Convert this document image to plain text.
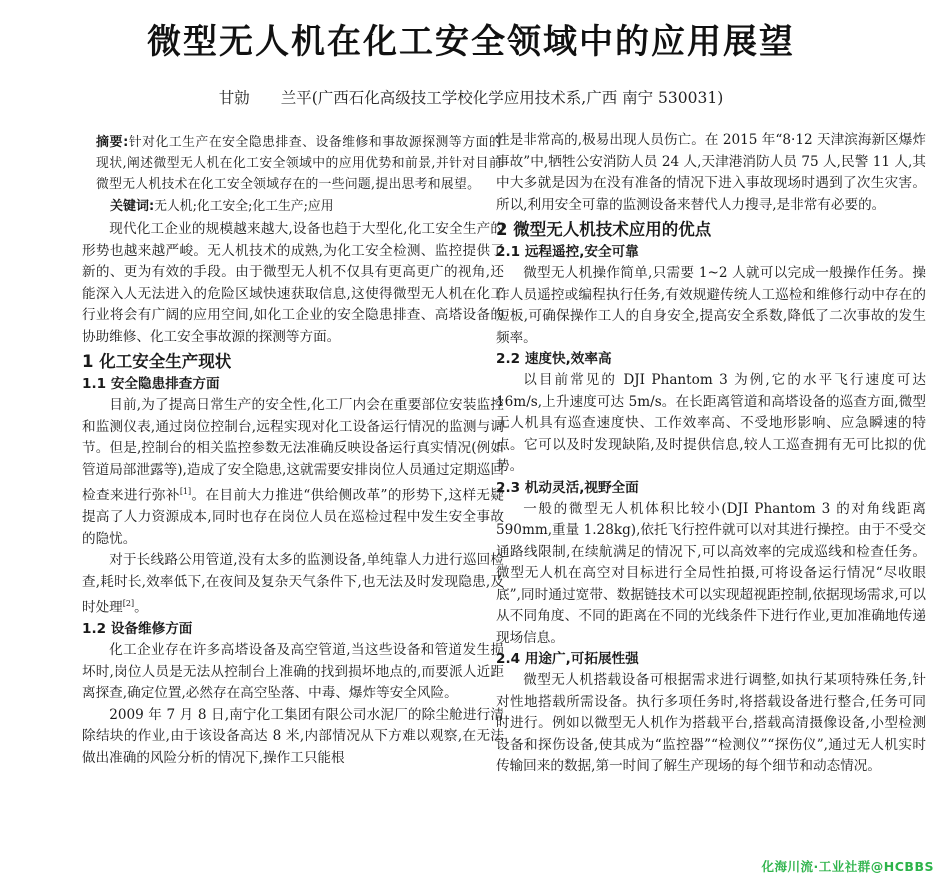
微型无人机在化工安全领域中的应用展望
甘勍　　兰平(广西石化高级技工学校化学应用技术系,广西 南宁 530031)

摘要:针对化工生产在安全隐患排查、设备维修和事故源探测等方面的现状,阐述微型无人机在化工安全领域中的应用优势和前景,并针对目前微型无人机技术在化工安全领域存在的一些问题,提出思考和展望。

关键词:无人机;化工安全;化工生产;应用

现代化工企业的规模越来越大,设备也趋于大型化,化工安全生产的形势也越来越严峻。无人机技术的成熟,为化工安全检测、监控提供了新的、更为有效的手段。由于微型无人机不仅具有更高更广的视角,还能深入人无法进入的危险区域快速获取信息,这使得微型无人机在化工行业将会有广阔的应用空间,如化工企业的安全隐患排查、高塔设备的协助维修、化工安全事故源的探测等方面。

1 化工安全生产现状
1.1 安全隐患排查方面

目前,为了提高日常生产的安全性,化工厂内会在重要部位安装监控和监测仪表,通过岗位控制台,远程实现对化工设备运行情况的监测与调节。但是,控制台的相关监控参数无法准确反映设备运行真实情况(例如管道局部泄露等),造成了安全隐患,这就需要安排岗位人员通过定期巡回检查来进行弥补[1]。在目前大力推进“供给侧改革”的形势下,这样无疑提高了人力资源成本,同时也存在岗位人员在巡检过程中发生安全事故的隐忧。

对于长线路公用管道,没有太多的监测设备,单纯靠人力进行巡回检查,耗时长,效率低下,在夜间及复杂天气条件下,也无法及时发现隐患,及时处理[2]。

1.2 设备维修方面

化工企业存在许多高塔设备及高空管道,当这些设备和管道发生损坏时,岗位人员是无法从控制台上准确的找到损坏地点的,而要派人近距离探查,确定位置,必然存在高空坠落、中毒、爆炸等安全风险。

2009 年 7 月 8 日,南宁化工集团有限公司水泥厂的除尘舱进行清除结块的作业,由于该设备高达 8 米,内部情况从下方难以观察,在无法做出准确的风险分析的情况下,操作工只能根

性是非常高的,极易出现人员伤亡。在 2015 年“8·12 天津滨海新区爆炸事故”中,牺牲公安消防人员 24 人,天津港消防人员 75 人,民警 11 人,其中大多就是因为在没有准备的情况下进入事故现场时遇到了次生灾害。所以,利用安全可靠的监测设备来替代人力搜寻,是非常有必要的。

2 微型无人机技术应用的优点
2.1 远程遥控,安全可靠

微型无人机操作简单,只需要 1~2 人就可以完成一般操作任务。操作人员遥控或编程执行任务,有效规避传统人工巡检和维修行动中存在的短板,可确保操作工人的自身安全,提高安全系数,降低了二次事故的发生频率。

2.2 速度快,效率高

以目前常见的 DJI Phantom 3 为例,它的水平飞行速度可达 16m/s,上升速度可达 5m/s。在长距离管道和高塔设备的巡查方面,微型无人机具有巡查速度快、工作效率高、不受地形影响、应急瞬速的特点。它可以及时发现缺陷,及时提供信息,较人工巡查拥有无可比拟的优势。

2.3 机动灵活,视野全面

一般的微型无人机体积比较小(DJI Phantom 3 的对角线距离 590mm,重量 1.28kg),依托飞行控件就可以对其进行操控。由于不受交通路线限制,在续航满足的情况下,可以高效率的完成巡线和检查任务。微型无人机在高空对目标进行全局性拍摄,可将设备运行情况“尽收眼底”,同时通过宽带、数据链技术可以实现超视距控制,依据现场需求,可以从不同角度、不同的距离在不同的光线条件下进行作业,更加准确地传递现场信息。

2.4 用途广,可拓展性强

微型无人机搭载设备可根据需求进行调整,如执行某项特殊任务,针对性地搭载所需设备。执行多项任务时,将搭载设备进行整合,任务可同时进行。例如以微型无人机作为搭载平台,搭载高清摄像设备,小型检测设备和探伤设备,使其成为“监控器”“检测仪”“探伤仪”,通过无人机实时传输回来的数据,第一时间了解生产现场的每个细节和动态情况。

化海川流·工业社群@HCBBS
